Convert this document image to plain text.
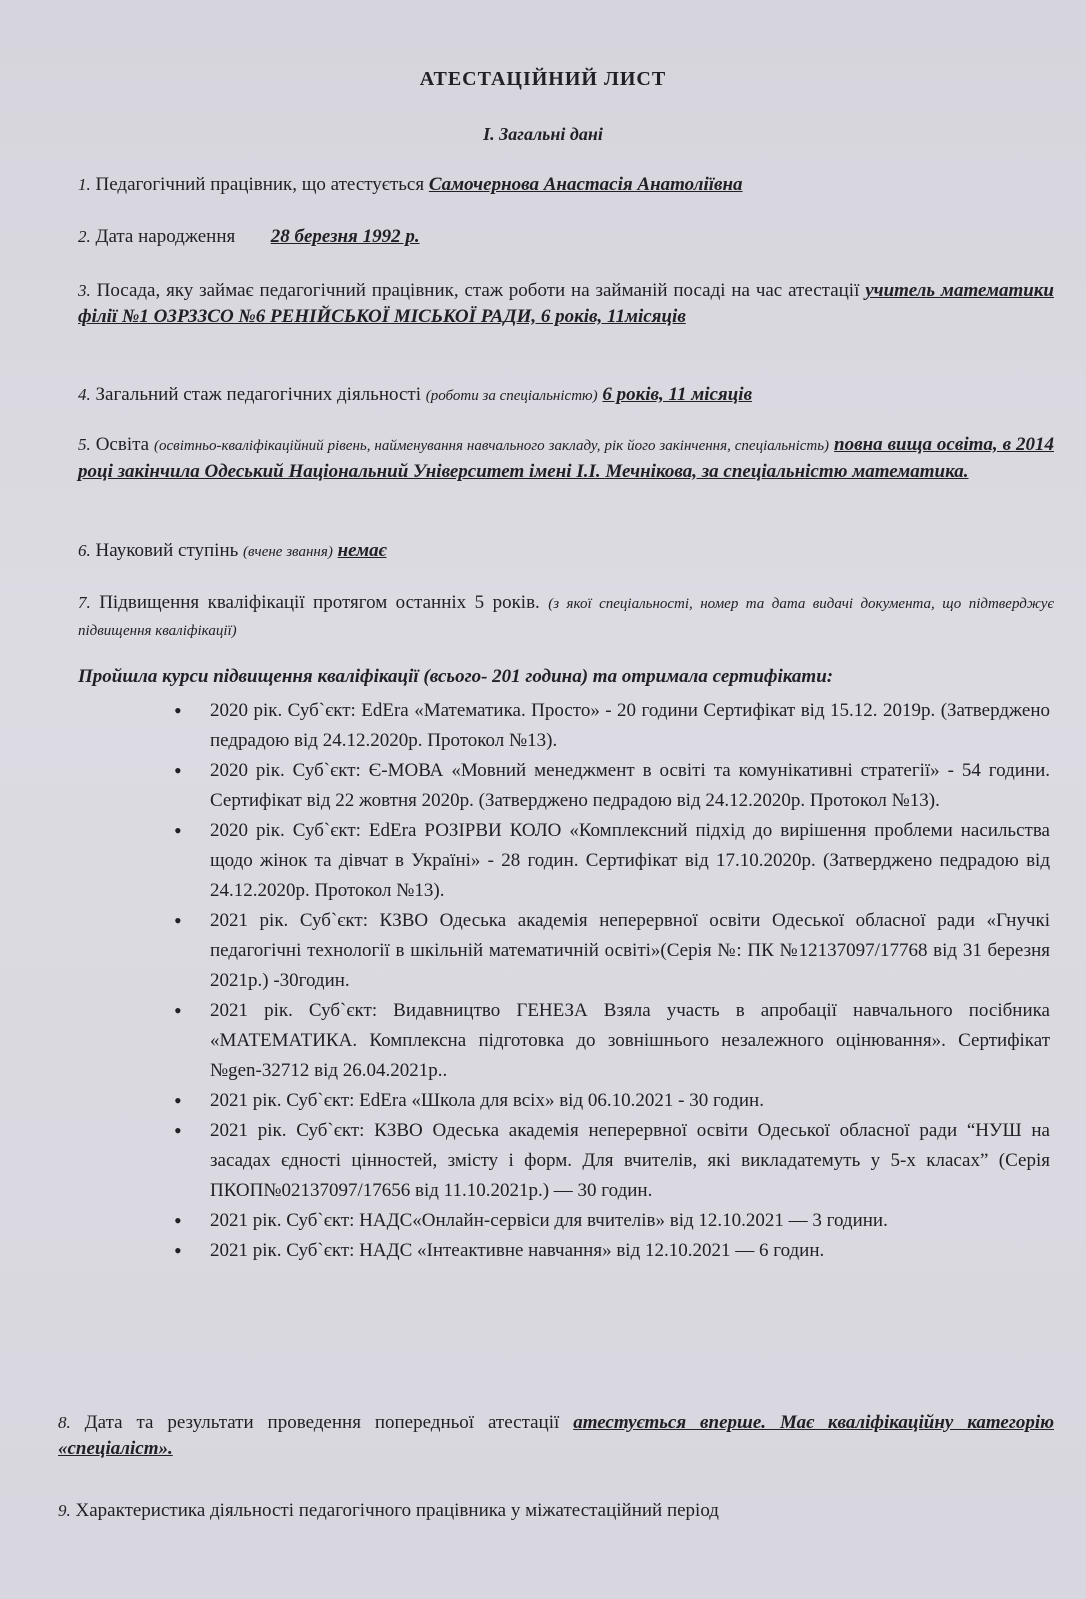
АТЕСТАЦІЙНИЙ ЛИСТ
І. Загальні дані
1. Педагогічний працівник, що атестується Самочернова Анастасія Анатоліївна
2. Дата народження 28 березня 1992 р.
3. Посада, яку займає педагогічний працівник, стаж роботи на займаній посаді на час атестації учитель математики філії №1 ОЗРЗЗСО №6 РЕНІЙСЬКОЇ МІСЬКОЇ РАДИ, 6 років, 11місяців
4. Загальний стаж педагогічних діяльності (роботи за спеціальністю) 6 років, 11 місяців
5. Освіта (освітньо-кваліфікаційний рівень, найменування навчального закладу, рік його закінчення, спеціальність) повна вища освіта, в 2014 році закінчила Одеський Національний Університет імені І.І. Мечнікова, за спеціальністю математика.
6. Науковий ступінь (вчене звання) немає
7. Підвищення кваліфікації протягом останніх 5 років. (з якої спеціальності, номер та дата видачі документа, що підтверджує підвищення кваліфікації)
Пройшла курси підвищення кваліфікації (всього- 201 година) та отримала сертифікати:
• 2020 рік. Суб`єкт: EdEra «Математика. Просто» - 20 години Сертифікат від 15.12. 2019р. (Затверджено педрадою від 24.12.2020р. Протокол №13).
• 2020 рік. Суб`єкт: Є-МОВА «Мовний менеджмент в освіті та комунікативні стратегії» - 54 години. Сертифікат від 22 жовтня 2020р. (Затверджено педрадою від 24.12.2020р. Протокол №13).
• 2020 рік. Суб`єкт: EdEra РОЗІРВИ КОЛО «Комплексний підхід до вирішення проблеми насильства щодо жінок та дівчат в Україні» - 28 годин. Сертифікат від 17.10.2020р. (Затверджено педрадою від 24.12.2020р. Протокол №13).
• 2021 рік. Суб`єкт: КЗВО Одеська академія неперервної освіти Одеської обласної ради «Гнучкі педагогічні технології в шкільній математичній освіті»(Серія №: ПК №12137097/17768 від 31 березня 2021р.) -30годин.
• 2021 рік. Суб`єкт: Видавництво ГЕНЕЗА Взяла участь в апробації навчального посібника «МАТЕМАТИКА. Комплексна підготовка до зовнішнього незалежного оцінювання». Сертифікат №gen-32712 від 26.04.2021р..
• 2021 рік. Суб`єкт: EdEra «Школа для всіх» від 06.10.2021 - 30 годин.
• 2021 рік. Суб`єкт: КЗВО Одеська академія неперервної освіти Одеської обласної ради “НУШ на засадах єдності цінностей, змісту і форм. Для вчителів, які викладатемуть у 5-х класах” (Серія ПКОП№02137097/17656 від 11.10.2021р.) — 30 годин.
• 2021 рік. Суб`єкт: НАДС«Онлайн-сервіси для вчителів» від 12.10.2021 — 3 години.
• 2021 рік. Суб`єкт: НАДС «Інтеактивне навчання» від 12.10.2021 — 6 годин.
8. Дата та результати проведення попередньої атестації атестується вперше. Має кваліфікаційну категорію «спеціаліст».
9. Характеристика діяльності педагогічного працівника у міжатестаційний період
